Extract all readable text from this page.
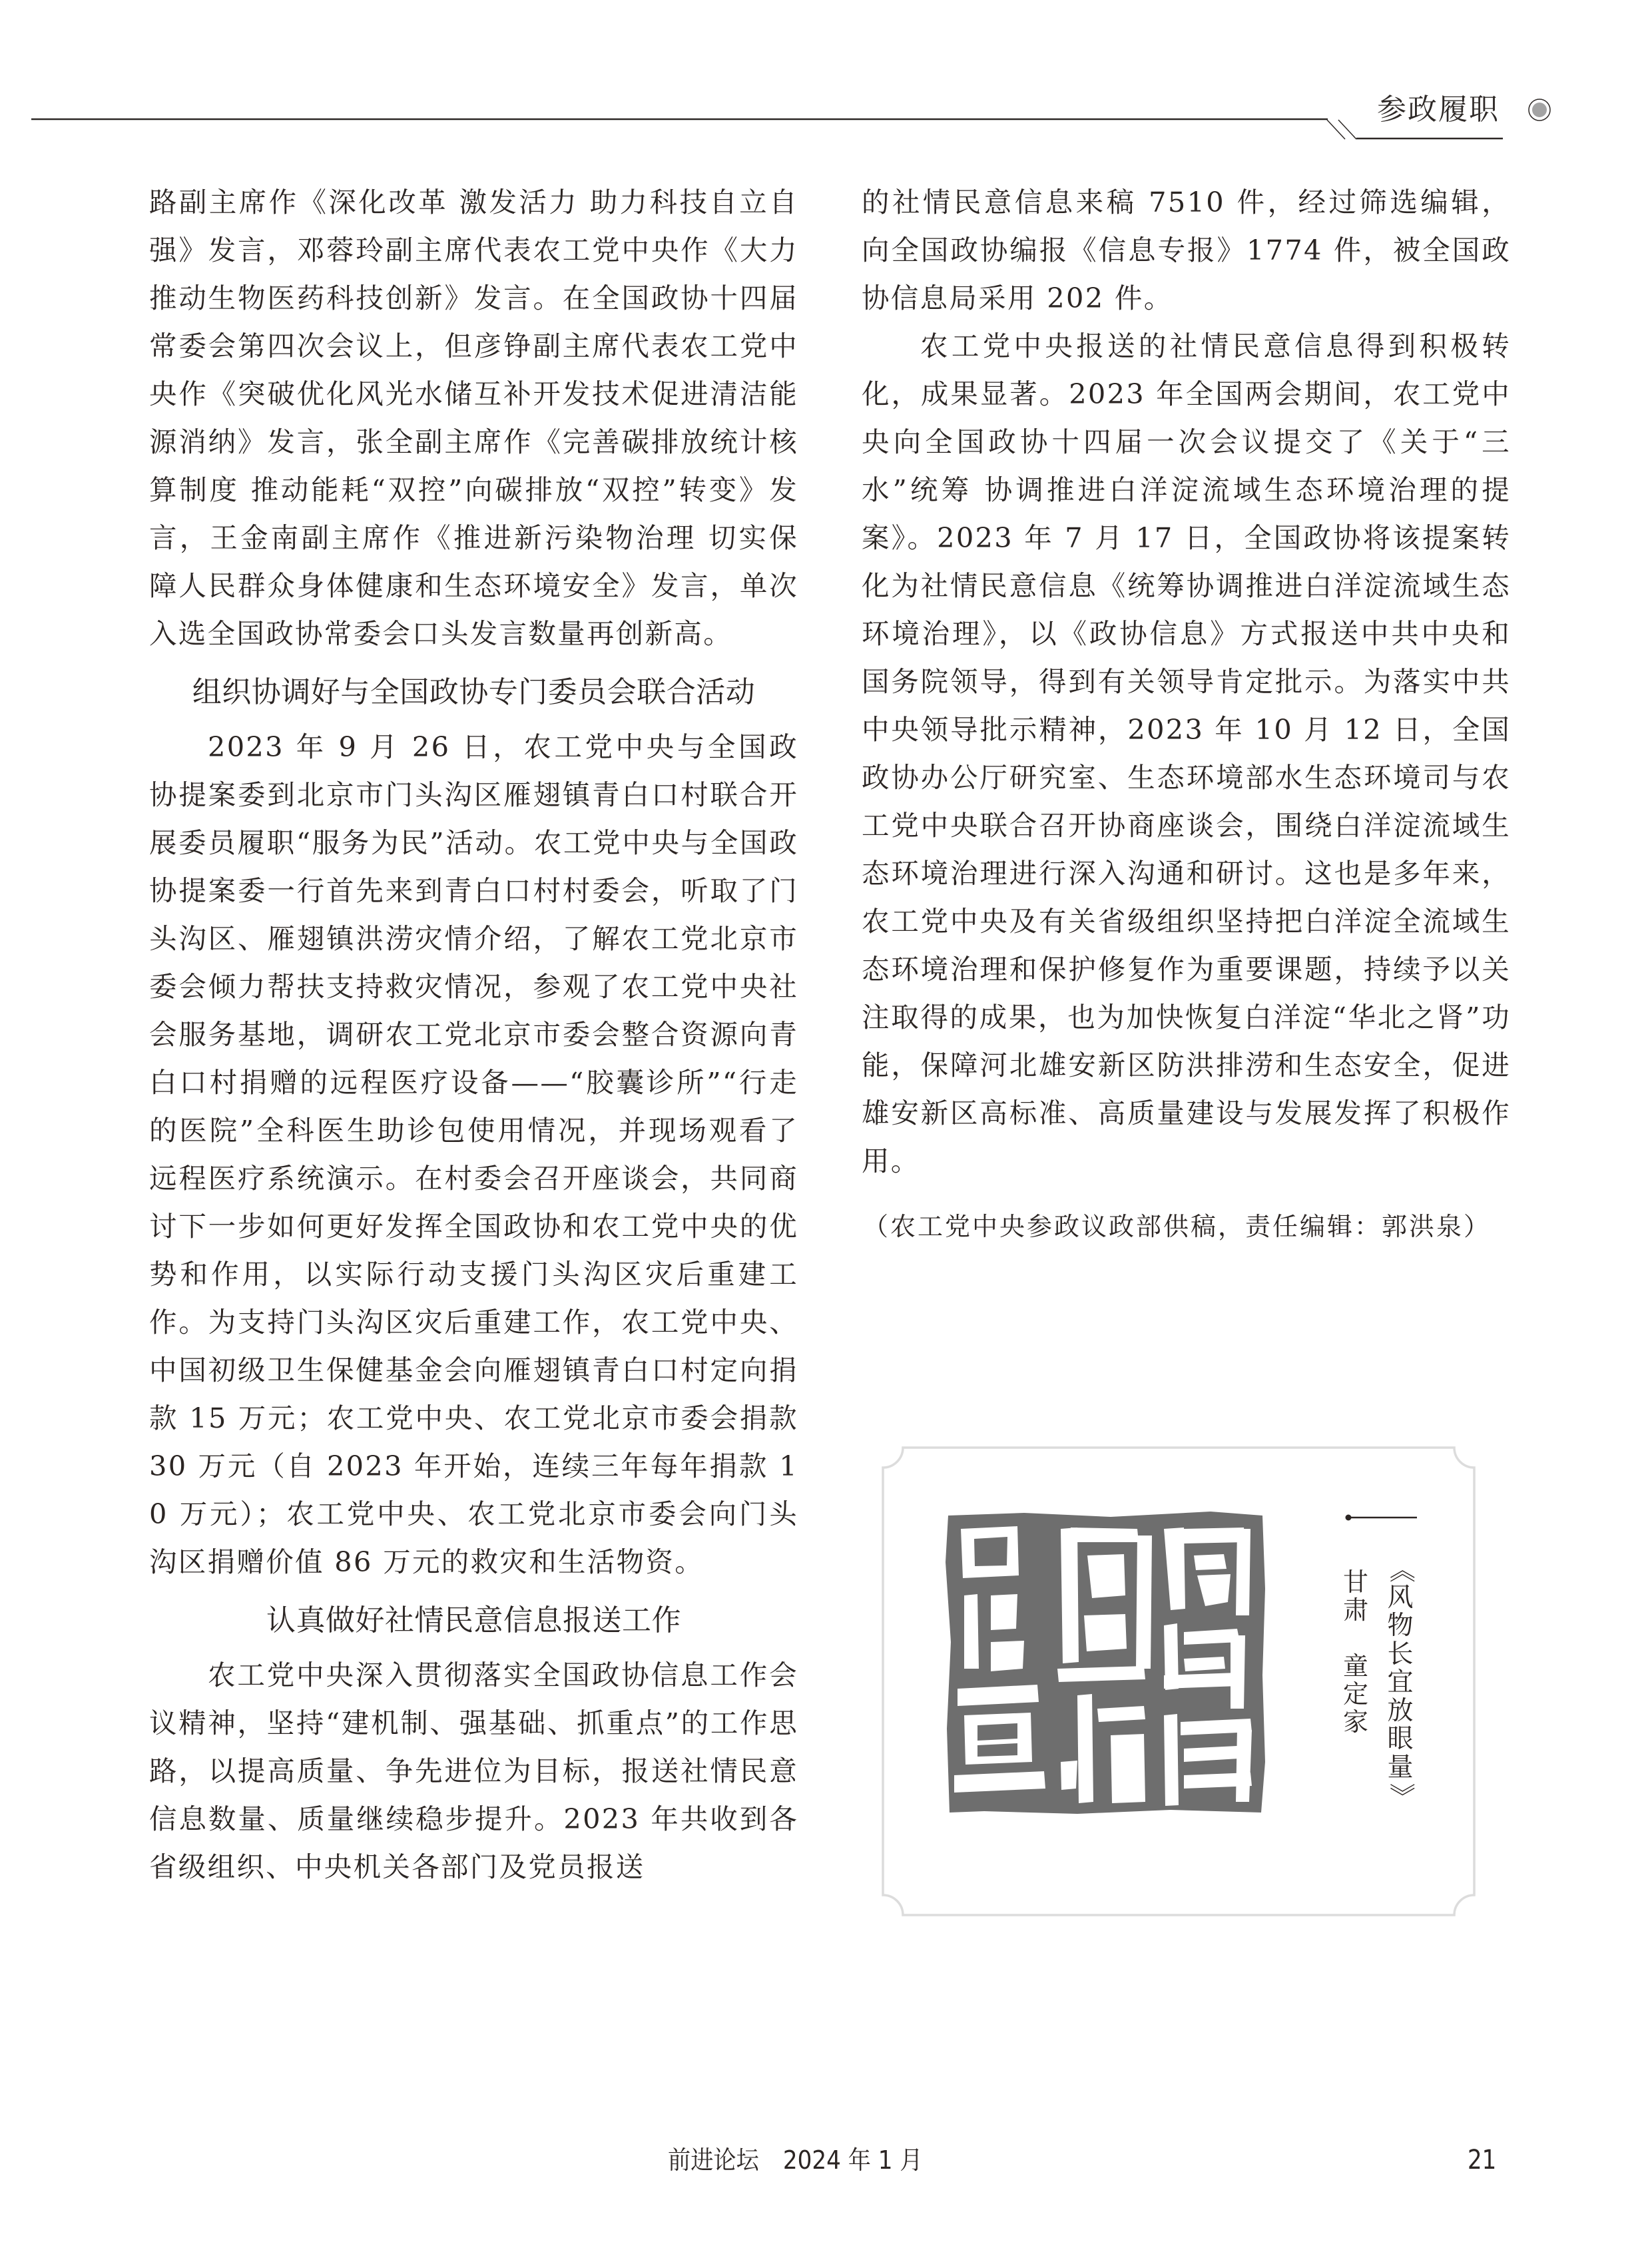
参政履职

路副主席作《深化改革 激发活力 助力科技自立自强》发言，邓蓉玲副主席代表农工党中央作《大力推动生物医药科技创新》发言。在全国政协十四届常委会第四次会议上，但彦铮副主席代表农工党中央作《突破优化风光水储互补开发技术促进清洁能源消纳》发言，张全副主席作《完善碳排放统计核算制度 推动能耗“双控”向碳排放“双控”转变》发言，王金南副主席作《推进新污染物治理 切实保障人民群众身体健康和生态环境安全》发言，单次入选全国政协常委会口头发言数量再创新高。

组织协调好与全国政协专门委员会联合活动

2023 年 9 月 26 日，农工党中央与全国政协提案委到北京市门头沟区雁翅镇青白口村联合开展委员履职“服务为民”活动。农工党中央与全国政协提案委一行首先来到青白口村村委会，听取了门头沟区、雁翅镇洪涝灾情介绍，了解农工党北京市委会倾力帮扶支持救灾情况，参观了农工党中央社会服务基地，调研农工党北京市委会整合资源向青白口村捐赠的远程医疗设备——“胶囊诊所”“行走的医院”全科医生助诊包使用情况，并现场观看了远程医疗系统演示。在村委会召开座谈会，共同商讨下一步如何更好发挥全国政协和农工党中央的优势和作用，以实际行动支援门头沟区灾后重建工作。为支持门头沟区灾后重建工作，农工党中央、中国初级卫生保健基金会向雁翅镇青白口村定向捐款 15 万元；农工党中央、农工党北京市委会捐款 30 万元（自 2023 年开始，连续三年每年捐款 10 万元）；农工党中央、农工党北京市委会向门头沟区捐赠价值 86 万元的救灾和生活物资。

认真做好社情民意信息报送工作

农工党中央深入贯彻落实全国政协信息工作会议精神，坚持“建机制、强基础、抓重点”的工作思路，以提高质量、争先进位为目标，报送社情民意信息数量、质量继续稳步提升。2023 年共收到各省级组织、中央机关各部门及党员报送

的社情民意信息来稿 7510 件，经过筛选编辑，向全国政协编报《信息专报》1774 件，被全国政协信息局采用 202 件。

农工党中央报送的社情民意信息得到积极转化，成果显著。2023 年全国两会期间，农工党中央向全国政协十四届一次会议提交了《关于“三水”统筹 协调推进白洋淀流域生态环境治理的提案》。2023 年 7 月 17 日，全国政协将该提案转化为社情民意信息《统筹协调推进白洋淀流域生态环境治理》，以《政协信息》方式报送中共中央和国务院领导，得到有关领导肯定批示。为落实中共中央领导批示精神，2023 年 10 月 12 日，全国政协办公厅研究室、生态环境部水生态环境司与农工党中央联合召开协商座谈会，围绕白洋淀流域生态环境治理进行深入沟通和研讨。这也是多年来，农工党中央及有关省级组织坚持把白洋淀全流域生态环境治理和保护修复作为重要课题，持续予以关注取得的成果，也为加快恢复白洋淀“华北之肾”功能，保障河北雄安新区防洪排涝和生态安全，促进雄安新区高标准、高质量建设与发展发挥了积极作用。

（农工党中央参政议政部供稿，责任编辑：郭洪泉）
《
风
物
长
宜
放
眼
量
》
甘
肃
童
定
家
前进论坛 2024 年 1 月	21
